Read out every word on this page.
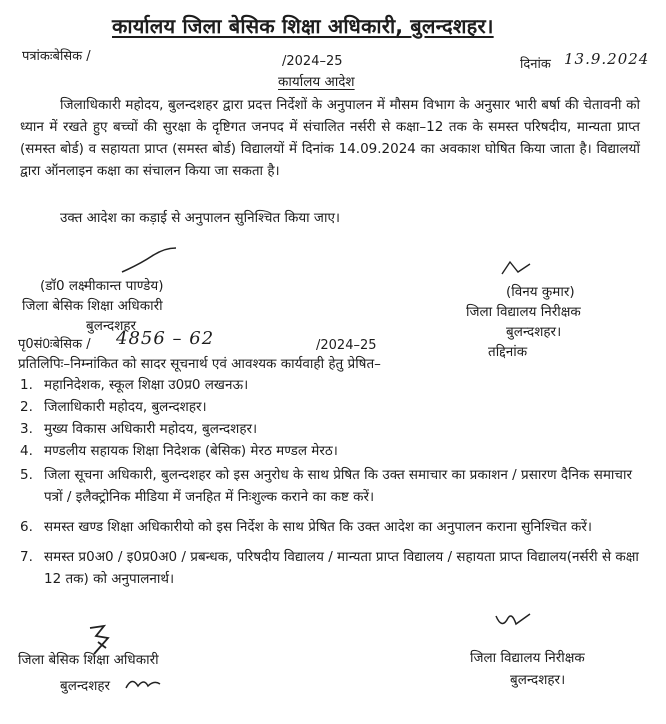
कार्यालय जिला बेसिक शिक्षा अधिकारी, बुलन्दशहर।
पत्रांकःबेसिक /	/2024–25	दिनांक 13.9.2024
कार्यालय आदेश
जिलाधिकारी महोदय, बुलन्दशहर द्वारा प्रदत्त निर्देशों के अनुपालन में मौसम विभाग के अनुसार भारी बर्षा की चेतावनी को ध्यान में रखते हुए बच्चों की सुरक्षा के दृष्टिगत जनपद में संचालित नर्सरी से कक्षा–12 तक के समस्त परिषदीय, मान्यता प्राप्त (समस्त बोर्ड) व सहायता प्राप्त (समस्त बोर्ड) विद्यालयों में दिनांक 14.09.2024 का अवकाश घोषित किया जाता है। विद्यालयों द्वारा ऑनलाइन कक्षा का संचालन किया जा सकता है।
उक्त आदेश का कड़ाई से अनुपालन सुनिश्चित किया जाए।
(डॉ0 लक्ष्मीकान्त पाण्डेय)
जिला बेसिक शिक्षा अधिकारी
बुलन्दशहर
(विनय कुमार)
जिला विद्यालय निरीक्षक
बुलन्दशहर।
तद्दिनांक
पृ0सं0ःबेसिक / 4856 – 62	/2024–25
प्रतिलिपिः–निम्नांकित को सादर सूचनार्थ एवं आवश्यक कार्यवाही हेतु प्रेषित–
1. महानिदेशक, स्कूल शिक्षा उ0प्र0 लखनऊ।
2. जिलाधिकारी महोदय, बुलन्दशहर।
3. मुख्य विकास अधिकारी महोदय, बुलन्दशहर।
4. मण्डलीय सहायक शिक्षा निदेशक (बेसिक) मेरठ मण्डल मेरठ।
5. जिला सूचना अधिकारी, बुलन्दशहर को इस अनुरोध के साथ प्रेषित कि उक्त समाचार का प्रकाशन / प्रसारण दैनिक समाचार पत्रों / इलैक्ट्रोनिक मीडिया में जनहित में निःशुल्क कराने का कष्ट करें।
6. समस्त खण्ड शिक्षा अधिकारीयो को इस निर्देश के साथ प्रेषित कि उक्त आदेश का अनुपालन कराना सुनिश्चित करें।
7. समस्त प्र0अ0 / इ0प्र0अ0 / प्रबन्धक, परिषदीय विद्यालय / मान्यता प्राप्त विद्यालय / सहायता प्राप्त विद्यालय(नर्सरी से कक्षा 12 तक) को अनुपालनार्थ।
जिला बेसिक शिक्षा अधिकारी
बुलन्दशहर
जिला विद्यालय निरीक्षक
बुलन्दशहर।
